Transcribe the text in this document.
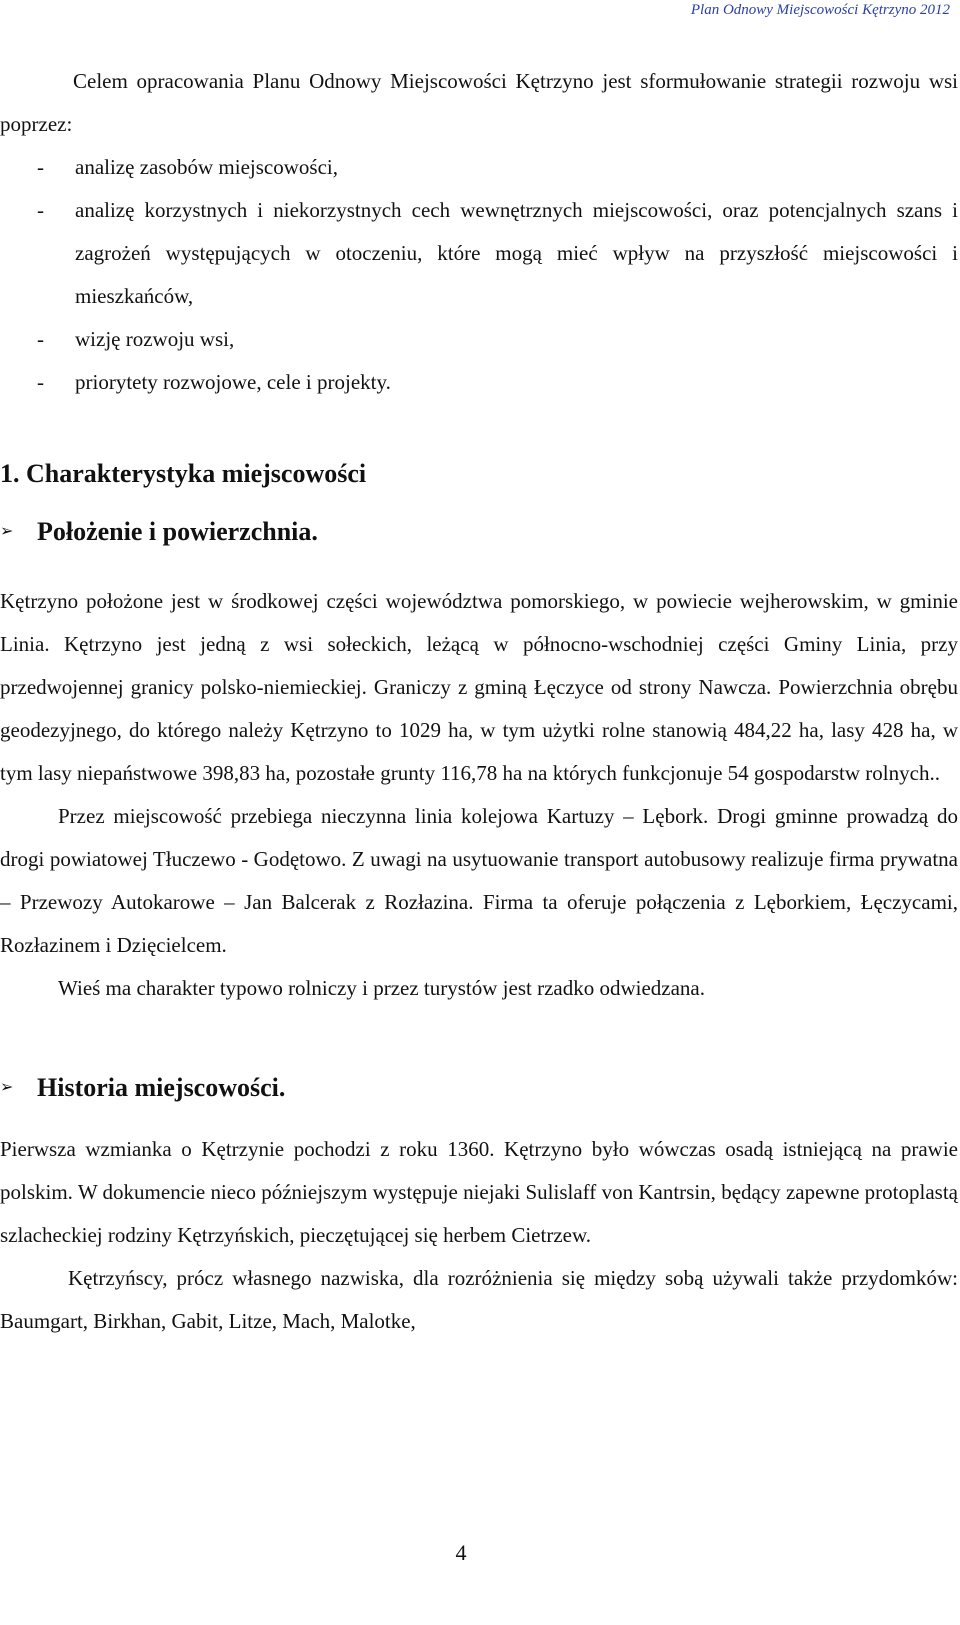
Plan Odnowy Miejscowości Kętrzyno 2012

Celem opracowania Planu Odnowy Miejscowości Kętrzyno jest sformułowanie strategii rozwoju wsi poprzez:

- analizę zasobów miejscowości,
- analizę korzystnych i niekorzystnych cech wewnętrznych miejscowości, oraz potencjalnych szans i zagrożeń występujących w otoczeniu, które mogą mieć wpływ na przyszłość miejscowości i mieszkańców,
- wizję rozwoju wsi,
- priorytety rozwojowe, cele i projekty.
1. Charakterystyka miejscowości
➢ Położenie i powierzchnia.

Kętrzyno położone jest w środkowej części województwa pomorskiego, w powiecie wejherowskim, w gminie Linia. Kętrzyno jest jedną z wsi sołeckich, leżącą w północno-wschodniej części Gminy Linia, przy przedwojennej granicy polsko-niemieckiej. Graniczy z gminą Łęczyce od strony Nawcza. Powierzchnia obrębu geodezyjnego, do którego należy Kętrzyno to 1029 ha, w tym użytki rolne stanowią 484,22 ha, lasy 428 ha, w tym lasy niepaństwowe 398,83 ha, pozostałe grunty 116,78 ha na których funkcjonuje 54 gospodarstw rolnych..

Przez miejscowość przebiega nieczynna linia kolejowa Kartuzy – Lębork. Drogi gminne prowadzą do drogi powiatowej Tłuczewo - Godętowo. Z uwagi na usytuowanie transport autobusowy realizuje firma prywatna – Przewozy Autokarowe – Jan Balcerak z Rozłazina. Firma ta oferuje połączenia z Lęborkiem, Łęczycami, Rozłazinem i Dzięcielcem.

Wieś ma charakter typowo rolniczy i przez turystów jest rzadko odwiedzana.

➢ Historia miejscowości.

Pierwsza wzmianka o Kętrzynie pochodzi z roku 1360. Kętrzyno było wówczas osadą istniejącą na prawie polskim. W dokumencie nieco późniejszym występuje niejaki Sulislaff von Kantrsin, będący zapewne protoplastą szlacheckiej rodziny Kętrzyńskich, pieczętującej się herbem Cietrzew.

Kętrzyńscy, prócz własnego nazwiska, dla rozróżnienia się między sobą używali także przydomków: Baumgart, Birkhan, Gabit, Litze, Mach, Malotke,

4
